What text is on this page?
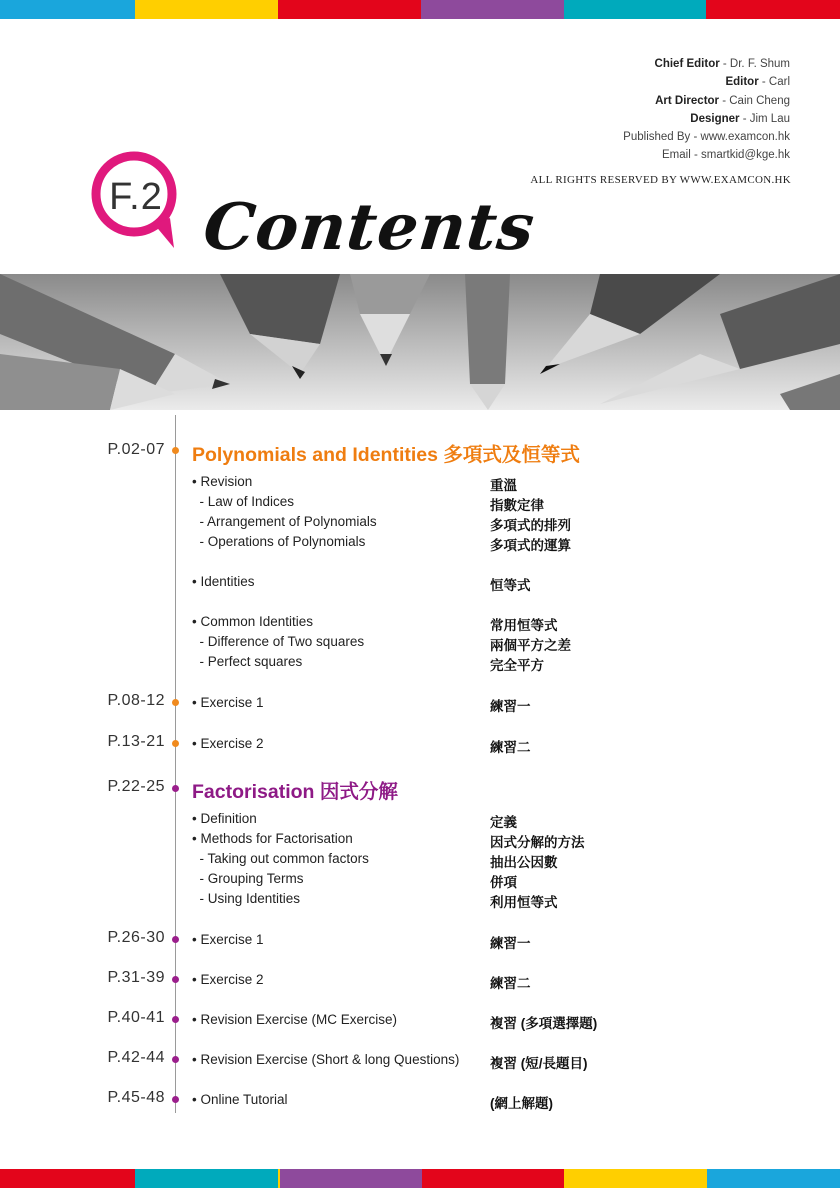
Chief Editor - Dr. F. Shum
Editor - Carl
Art Director - Cain Cheng
Designer - Jim Lau
Published By - www.examcon.hk
Email - smartkid@kge.hk
ALL RIGHTS RESERVED BY WWW.EXAMCON.HK
F.2 Contents
P.02-07 Polynomials and Identities 多項式及恒等式
• Revision	重溫
- Law of Indices	指數定律
- Arrangement of Polynomials	多項式的排列
- Operations of Polynomials	多項式的運算
• Identities	恒等式
• Common Identities	常用恒等式
- Difference of Two squares	兩個平方之差
- Perfect squares	完全平方
P.08-12 • Exercise 1	練習一
P.13-21 • Exercise 2	練習二
P.22-25 Factorisation 因式分解
• Definition	定義
• Methods for Factorisation	因式分解的方法
- Taking out common factors	抽出公因數
- Grouping Terms	併項
- Using Identities	利用恒等式
P.26-30 • Exercise 1	練習一
P.31-39 • Exercise 2	練習二
P.40-41 • Revision Exercise (MC Exercise)	複習 (多項選擇題)
P.42-44 • Revision Exercise (Short & long Questions) 複習 (短/長題目)
P.45-48 • Online Tutorial	(網上解題)
